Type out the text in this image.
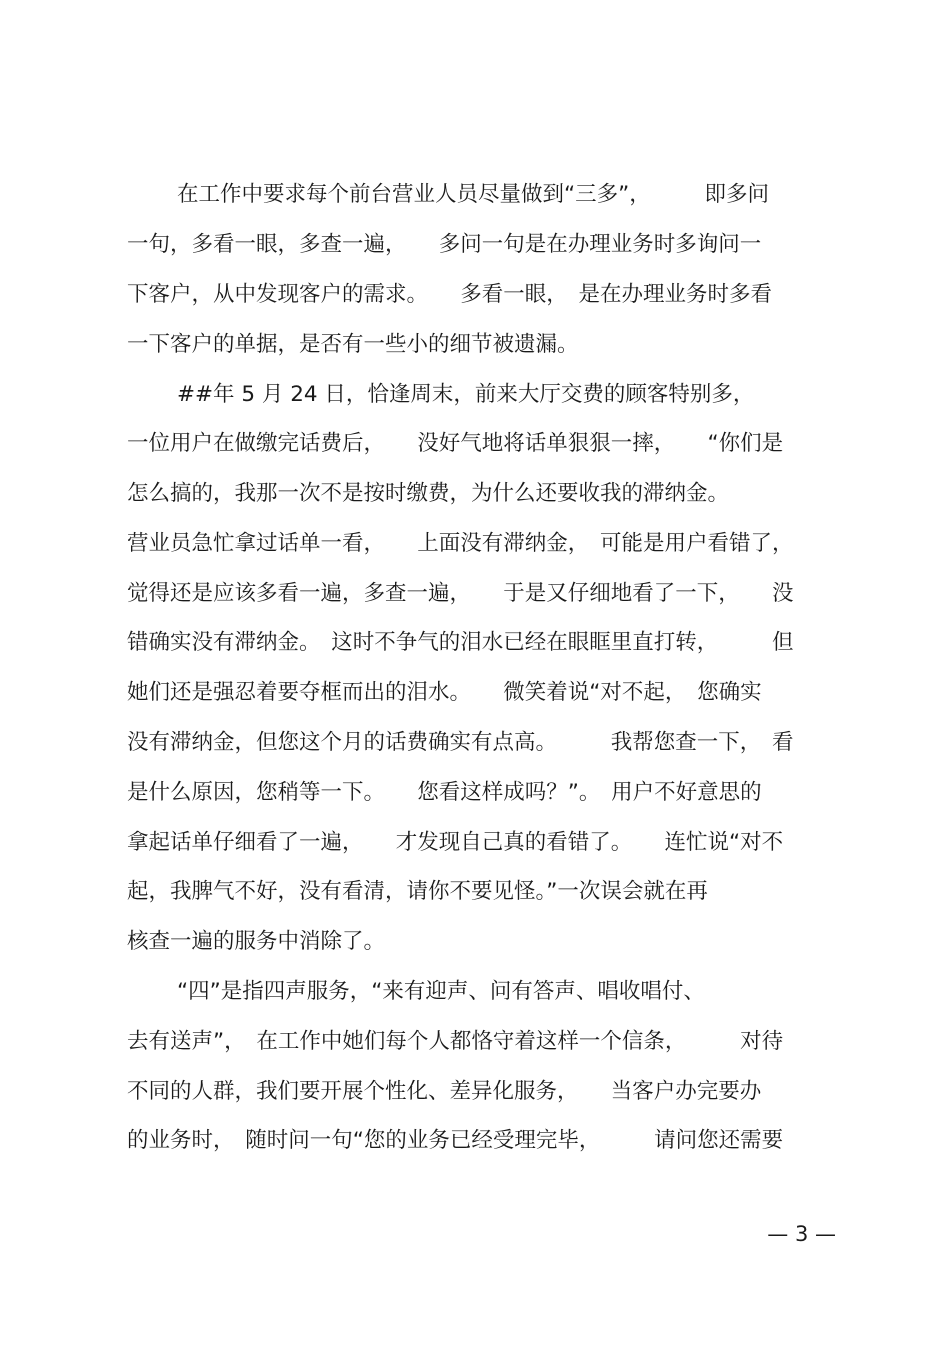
在工作中要求每个前台营业人员尽量做到“三多”，　　　即多问

一句，多看一眼，多查一遍，　　多问一句是在办理业务时多询问一

下客户，从中发现客户的需求。　　多看一眼，　是在办理业务时多看

一下客户的单据，是否有一些小的细节被遗漏。

##年 5 月 24 日，恰逢周末，前来大厅交费的顾客特别多，

一位用户在做缴完话费后，　　没好气地将话单狠狠一摔，　　“你们是

怎么搞的，我那一次不是按时缴费，为什么还要收我的滞纳金。

营业员急忙拿过话单一看，　　上面没有滞纳金，　可能是用户看错了，

觉得还是应该多看一遍，多查一遍，　　于是又仔细地看了一下，　　没

错确实没有滞纳金。　这时不争气的泪水已经在眼眶里直打转，　　　但

她们还是强忍着要夺框而出的泪水。　　微笑着说“对不起，　您确实

没有滞纳金，但您这个月的话费确实有点高。　　　我帮您查一下，　看

是什么原因，您稍等一下。　　您看这样成吗？”。　用户不好意思的

拿起话单仔细看了一遍，　　才发现自己真的看错了。　　连忙说“对不

起，我脾气不好，没有看清，请你不要见怪。”一次误会就在再

核查一遍的服务中消除了。

“四”是指四声服务，“来有迎声、问有答声、唱收唱付、

去有送声”，　在工作中她们每个人都恪守着这样一个信条，　　　对待

不同的人群，我们要开展个性化、差异化服务，　　当客户办完要办

的业务时，　随时问一句“您的业务已经受理完毕，　　　请问您还需要

— 3 —
